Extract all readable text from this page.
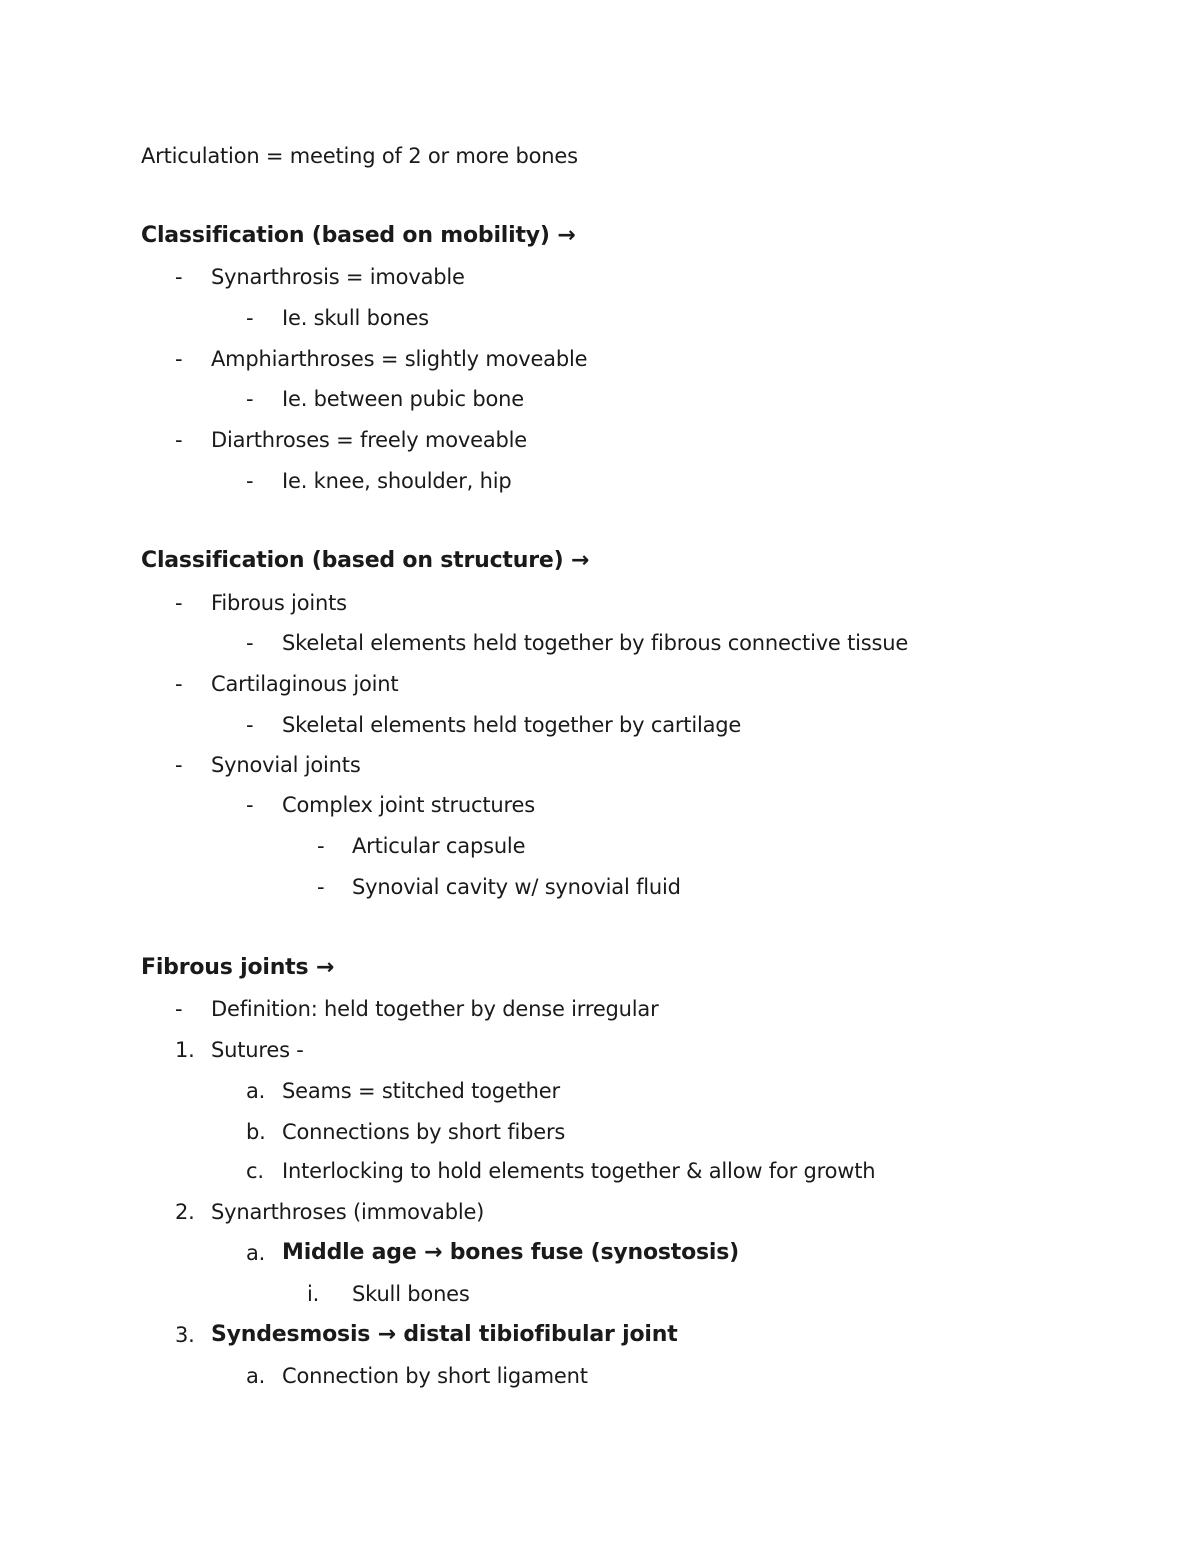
Articulation = meeting of 2 or more bones
Classification (based on mobility) →
-	Synarthrosis = imovable
-	Ie. skull bones
-	Amphiarthroses = slightly moveable
-	Ie. between pubic bone
-	Diarthroses = freely moveable
-	Ie. knee, shoulder, hip
Classification (based on structure) →
-	Fibrous joints
-	Skeletal elements held together by fibrous connective tissue
-	Cartilaginous joint
-	Skeletal elements held together by cartilage
-	Synovial joints
-	Complex joint structures
-	Articular capsule
-	Synovial cavity w/ synovial fluid
Fibrous joints →
-	Definition: held together by dense irregular
1. Sutures -
a. Seams = stitched together
b. Connections by short fibers
c. Interlocking to hold elements together & allow for growth
2. Synarthroses (immovable)
a. Middle age → bones fuse (synostosis)
i.	Skull bones
3. Syndesmosis → distal tibiofibular joint
a. Connection by short ligament
